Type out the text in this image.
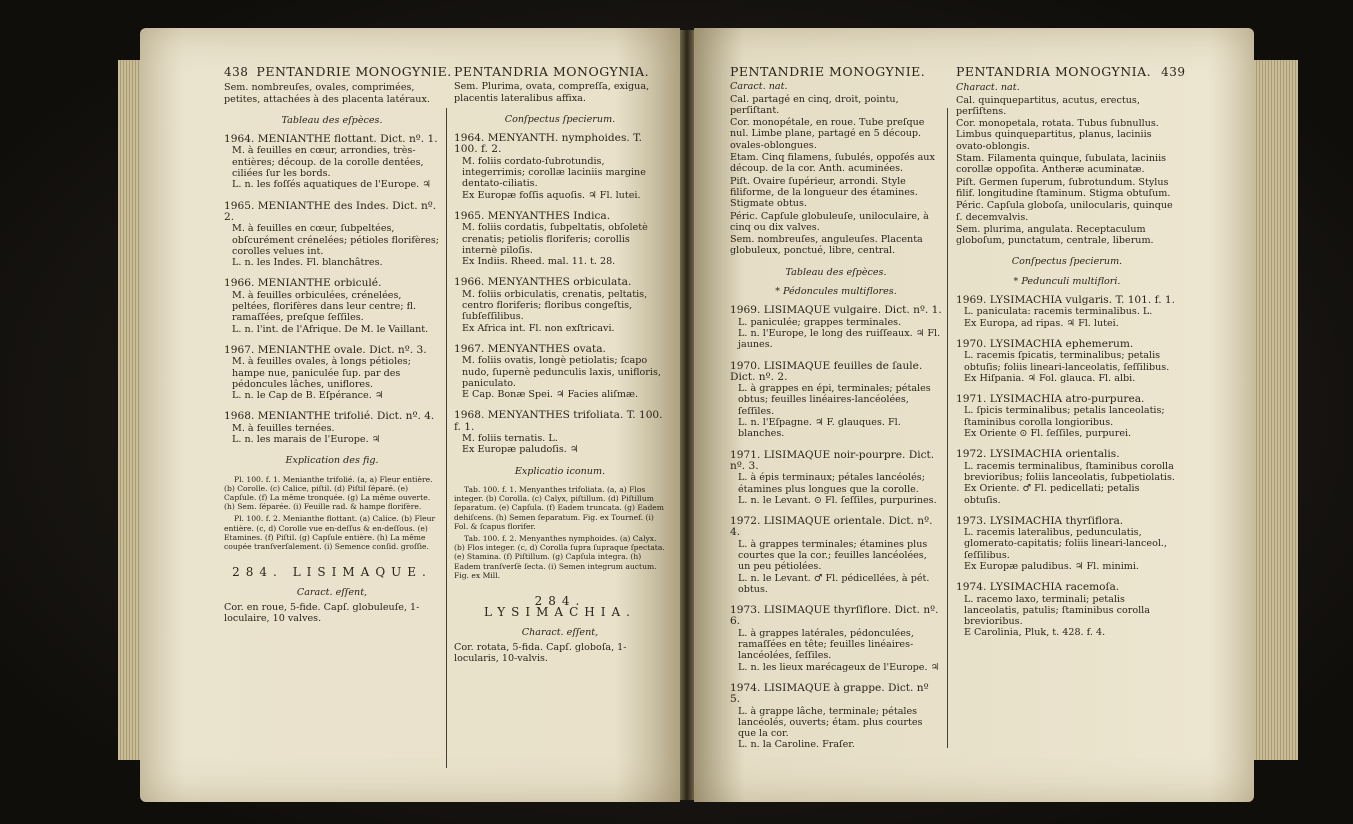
438 PENTANDRIE MONOGYNIE.

Sem. nombreuſes, ovales, comprimées, petites, attachées à des placenta latéraux.

Tableau des eſpèces.
1964. MENIANTHE flottant. Dict. nº. 1.

M. à feuilles en cœur, arrondies, très-entières; découp. de la corolle dentées, ciliées ſur les bords.

L. n. les foſſés aquatiques de l'Europe. ♃

1965. MENIANTHE des Indes. Dict. nº. 2.

M. à feuilles en cœur, ſubpeltées, obſcurément crénelées; pétioles florifères; corolles velues int.

L. n. les Indes. Fl. blanchâtres.

1966. MENIANTHE orbiculé.

M. à feuilles orbiculées, crénelées, peltées, florifères dans leur centre; fl. ramaſſées, preſque ſeſſiles.

L. n. l'int. de l'Afrique. De M. le Vaillant.

1967. MENIANTHE ovale. Dict. nº. 3.

M. à feuilles ovales, à longs pétioles; hampe nue, paniculée ſup. par des pédoncules lâches, uniflores.

L. n. le Cap de B. Eſpérance. ♃

1968. MENIANTHE trifolié. Dict. nº. 4.

M. à feuilles ternées.

L. n. les marais de l'Europe. ♃

Explication des fig.

Pl. 100. f. 1. Menianthe trifolié. (a, a) Fleur entière. (b) Corolle. (c) Calice, piſtil. (d) Piſtil ſéparé. (e) Capſule. (f) La même tronquée. (g) La même ouverte. (h) Sem. ſéparée. (i) Feuille rad. & hampe florifère.

Pl. 100. f. 2. Menianthe flottant. (a) Calice. (b) Fleur entière. (c, d) Corolle vue en-deſſus & en-deſſous. (e) Etamines. (f) Piſtil. (g) Capſule entière. (h) La même coupée tranſverſalement. (i) Semence conſid. groſſie.

284. LISIMAQUE.
Caract. eſſent,

Cor. en roue, 5-fide. Capſ. globuleuſe, 1-loculaire, 10 valves.

PENTANDRIA MONOGYNIA.

Sem. Plurima, ovata, compreſſa, exigua, placentis lateralibus affixa.

Conſpectus ſpecierum.
1964. MENYANTH. nymphoides. T. 100. f. 2.

M. foliis cordato-ſubrotundis, integerrimis; corollæ laciniis margine dentato-ciliatis.

Ex Europæ foſſis aquoſis. ♃ Fl. lutei.

1965. MENYANTHES Indica.

M. foliis cordatis, ſubpeltatis, obſoletè crenatis; petiolis floriferis; corollis internè piloſis.

Ex Indiis. Rheed. mal. 11. t. 28.

1966. MENYANTHES orbiculata.

M. foliis orbiculatis, crenatis, peltatis, centro floriferis; floribus congeſtis, ſubſeſſilibus.

Ex Africa int. Fl. non exſtricavi.

1967. MENYANTHES ovata.

M. foliis ovatis, longè petiolatis; ſcapo nudo, ſupernè pedunculis laxis, unifloris, paniculato.

E Cap. Bonæ Spei. ♃ Facies aliſmæ.

1968. MENYANTHES trifoliata. T. 100. f. 1.

M. foliis ternatis. L.

Ex Europæ paludoſis. ♃

Explicatio iconum.

Tab. 100. f. 1. Menyanthes trifoliata. (a, a) Flos integer. (b) Corolla. (c) Calyx, piſtillum. (d) Piſtillum ſeparatum. (e) Capſula. (f) Eadem truncata. (g) Eadem dehiſcens. (h) Semen ſeparatum. Fig. ex Tournef. (i) Fol. & ſcapus florifer.

Tab. 100. f. 2. Menyanthes nymphoides. (a) Calyx. (b) Flos integer. (c, d) Corolla ſupra ſupraque ſpectata. (e) Stamina. (f) Piſtillum. (g) Capſula integra. (h) Eadem tranſverſè ſecta. (i) Semen integrum auctum. Fig. ex Mill.

284. LYSIMACHIA.
Charact. eſſent,

Cor. rotata, 5-fida. Capſ. globoſa, 1-locularis, 10-valvis.

PENTANDRIE MONOGYNIE.

Caract. nat.

Cal. partagé en cinq, droit, pointu, perſiſtant.

Cor. monopétale, en roue. Tube preſque nul. Limbe plane, partagé en 5 découp. ovales-oblongues.

Etam. Cinq filamens, ſubulés, oppoſés aux découp. de la cor. Anth. acuminées.

Piſt. Ovaire ſupérieur, arrondi. Style filiforme, de la longueur des étamines. Stigmate obtus.

Péric. Capſule globuleuſe, uniloculaire, à cinq ou dix valves.

Sem. nombreuſes, anguleuſes. Placenta globuleux, ponctué, libre, central.

Tableau des eſpèces.
* Pédoncules multiflores.
1969. LISIMAQUE vulgaire. Dict. nº. 1.

L. paniculée; grappes terminales.

L. n. l'Europe, le long des ruiſſeaux. ♃ Fl. jaunes.

1970. LISIMAQUE feuilles de ſaule. Dict. nº. 2.

L. à grappes en épi, terminales; pétales obtus; feuilles linéaires-lancéolées, ſeſſiles.

L. n. l'Eſpagne. ♃ F. glauques. Fl. blanches.

1971. LISIMAQUE noir-pourpre. Dict. nº. 3.

L. à épis terminaux; pétales lancéolés; étamines plus longues que la corolle.

L. n. le Levant. ⊙ Fl. ſeſſiles, purpurines.

1972. LISIMAQUE orientale. Dict. nº. 4.

L. à grappes terminales; étamines plus courtes que la cor.; feuilles lancéolées, un peu pétiolées.

L. n. le Levant. ♂ Fl. pédicellées, à pét. obtus.

1973. LISIMAQUE thyrſiflore. Dict. nº. 6.

L. à grappes latérales, pédonculées, ramaſſées en tête; feuilles linéaires-lancéolées, ſeſſiles.

L. n. les lieux marécageux de l'Europe. ♃

1974. LISIMAQUE à grappe. Dict. nº 5.

L. à grappe lâche, terminale; pétales lancéolés, ouverts; étam. plus courtes que la cor.

L. n. la Caroline. Fraſer.

PENTANDRIA MONOGYNIA. 439

Charact. nat.

Cal. quinquepartitus, acutus, erectus, perſiſtens.

Cor. monopetala, rotata. Tubus ſubnullus. Limbus quinquepartitus, planus, laciniis ovato-oblongis.

Stam. Filamenta quinque, ſubulata, laciniis corollæ oppoſita. Antheræ acuminatæ.

Piſt. Germen ſuperum, ſubrotundum. Stylus filif. longitudine ſtaminum. Stigma obtuſum.

Péric. Capſula globoſa, unilocularis, quinque ſ. decemvalvis.

Sem. plurima, angulata. Receptaculum globoſum, punctatum, centrale, liberum.

Conſpectus ſpecierum.
* Pedunculi multiflori.
1969. LYSIMACHIA vulgaris. T. 101. f. 1.

L. paniculata: racemis terminalibus. L.

Ex Europa, ad ripas. ♃ Fl. lutei.

1970. LYSIMACHIA ephemerum.

L. racemis ſpicatis, terminalibus; petalis obtuſis; foliis lineari-lanceolatis, ſeſſilibus.

Ex Hiſpania. ♃ Fol. glauca. Fl. albi.

1971. LYSIMACHIA atro-purpurea.

L. ſpicis terminalibus; petalis lanceolatis; ſtaminibus corolla longioribus.

Ex Oriente ⊙ Fl. ſeſſiles, purpurei.

1972. LYSIMACHIA orientalis.

L. racemis terminalibus, ſtaminibus corolla brevioribus; foliis lanceolatis, ſubpetiolatis.

Ex Oriente. ♂ Fl. pedicellati; petalis obtuſis.

1973. LYSIMACHIA thyrſiflora.

L. racemis lateralibus, pedunculatis, glomerato-capitatis; foliis lineari-lanceol., ſeſſilibus.

Ex Europæ paludibus. ♃ Fl. minimi.

1974. LYSIMACHIA racemoſa.

L. racemo laxo, terminali; petalis lanceolatis, patulis; ſtaminibus corolla brevioribus.

E Carolinia, Pluk, t. 428. f. 4.
